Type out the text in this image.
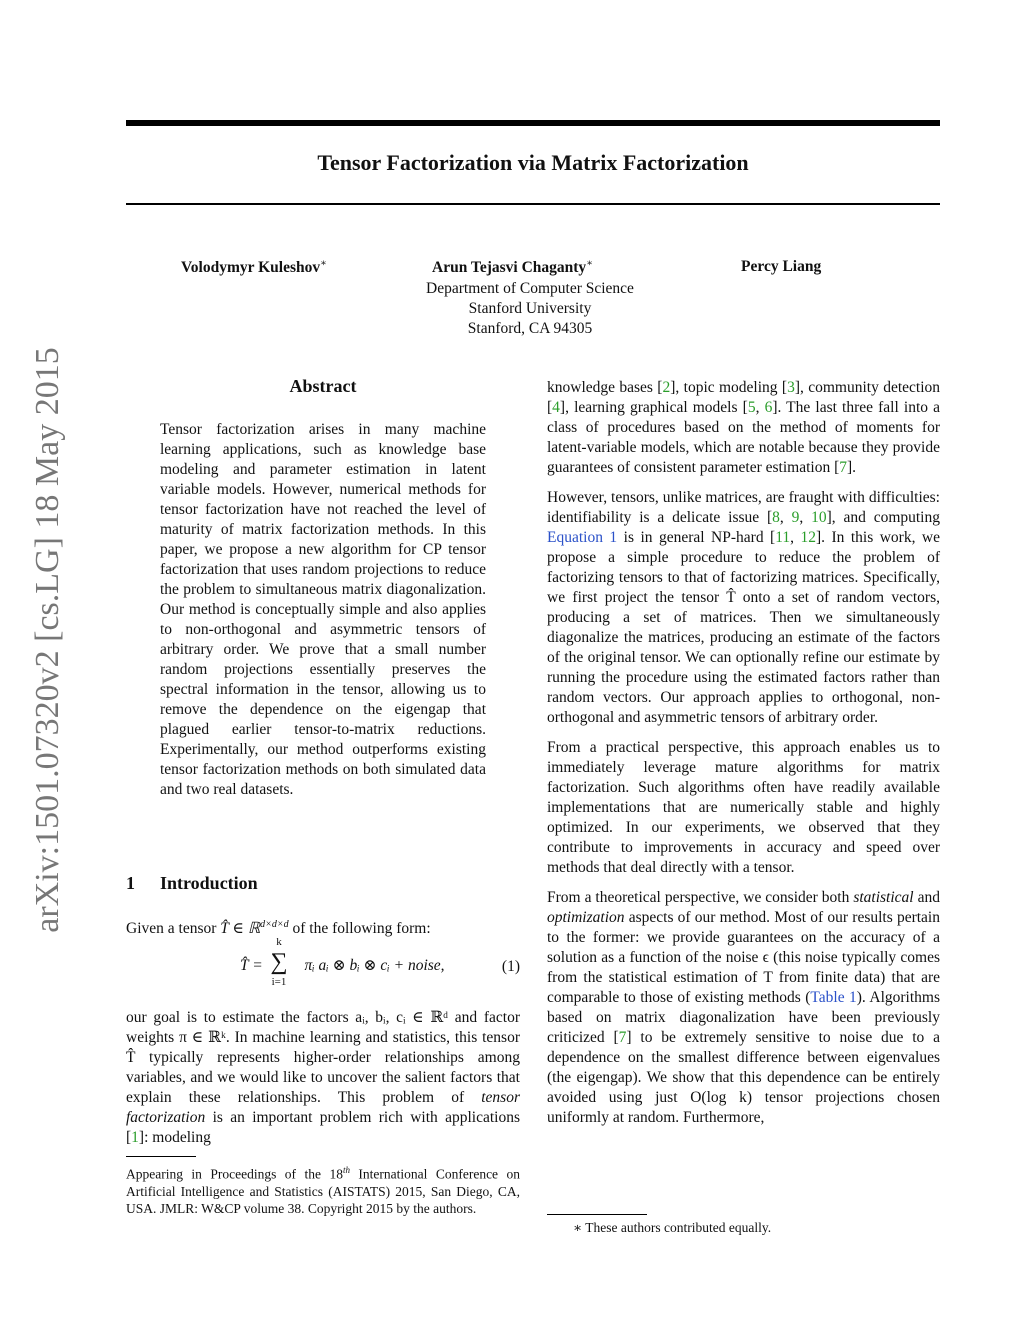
Tensor Factorization via Matrix Factorization
Volodymyr Kuleshov∗	Arun Tejasvi Chaganty∗	Percy Liang
Department of Computer Science
Stanford University
Stanford, CA 94305
arXiv:1501.07320v2 [cs.LG] 18 May 2015	Abstract

Tensor factorization arises in many machine learning applications, such as knowledge base modeling and parameter estimation in latent variable models. However, numerical methods for tensor factorization have not reached the level of maturity of matrix factorization methods. In this paper, we propose a new algorithm for CP tensor factorization that uses random projections to reduce the problem to simultaneous matrix diagonalization. Our method is conceptually simple and also applies to non-orthogonal and asymmetric tensors of arbitrary order. We prove that a small number random projections essentially preserves the spectral information in the tensor, allowing us to remove the dependence on the eigengap that plagued earlier tensor-to-matrix reductions. Experimentally, our method outperforms existing tensor factorization methods on both simulated data and two real datasets.

1 Introduction
Given a tensor T̂ ∈ ℝ$^{d\times d\times d}$ of the following form:
T̂ =  πᵢ aᵢ ⊗ bᵢ ⊗ cᵢ + noise,
k
∑
i=1
(1)

our goal is to estimate the factors aᵢ, bᵢ, cᵢ ∈ ℝᵈ and factor weights π ∈ ℝᵏ. In machine learning and statistics, this tensor T̂ typically represents higher-order relationships among variables, and we would like to uncover the salient factors that explain these relationships. This problem of tensor factorization is an important problem rich with applications [1]: modeling

Appearing in Proceedings of the 18th International Conference on Artificial Intelligence and Statistics (AISTATS) 2015, San Diego, CA, USA. JMLR: W&CP volume 38. Copyright 2015 by the authors.

knowledge bases [2], topic modeling [3], community detection [4], learning graphical models [5, 6]. The last three fall into a class of procedures based on the method of moments for latent-variable models, which are notable because they provide guarantees of consistent parameter estimation [7].

However, tensors, unlike matrices, are fraught with difficulties: identifiability is a delicate issue [8, 9, 10], and computing Equation 1 is in general NP-hard [11, 12]. In this work, we propose a simple procedure to reduce the problem of factorizing tensors to that of factorizing matrices. Specifically, we first project the tensor T̂ onto a set of random vectors, producing a set of matrices. Then we simultaneously diagonalize the matrices, producing an estimate of the factors of the original tensor. We can optionally refine our estimate by running the procedure using the estimated factors rather than random vectors. Our approach applies to orthogonal, non-orthogonal and asymmetric tensors of arbitrary order.

From a practical perspective, this approach enables us to immediately leverage mature algorithms for matrix factorization. Such algorithms often have readily available implementations that are numerically stable and highly optimized. In our experiments, we observed that they contribute to improvements in accuracy and speed over methods that deal directly with a tensor.

From a theoretical perspective, we consider both statistical and optimization aspects of our method. Most of our results pertain to the former: we provide guarantees on the accuracy of a solution as a function of the noise ϵ (this noise typically comes from the statistical estimation of T from finite data) that are comparable to those of existing methods (Table 1). Algorithms based on matrix diagonalization have been previously criticized [7] to be extremely sensitive to noise due to a dependence on the smallest difference between eigenvalues (the eigengap). We show that this dependence can be entirely avoided using just O(log k) tensor projections chosen uniformly at random. Furthermore,

∗ These authors contributed equally.
